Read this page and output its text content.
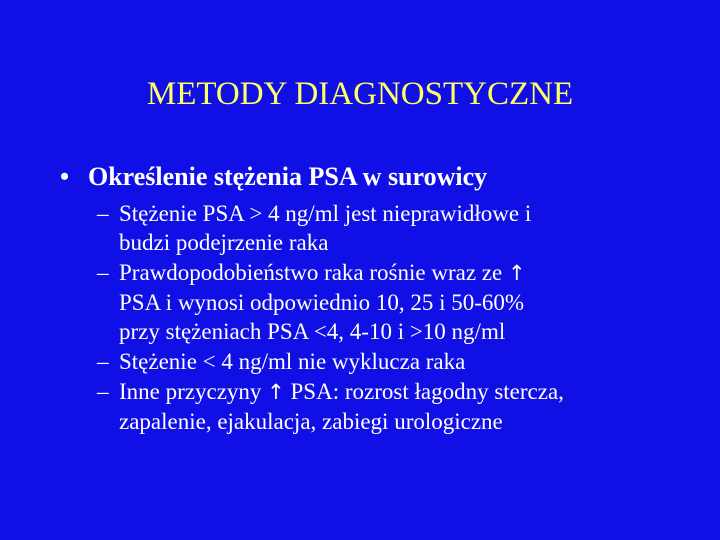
METODY DIAGNOSTYCZNE
• Określenie stężenia PSA w surowicy
– Stężenie PSA > 4 ng/ml jest nieprawidłowe i
budzi podejrzenie raka
– Prawdopodobieństwo raka rośnie wraz ze ↑
PSA i wynosi odpowiednio 10, 25 i 50-60%
przy stężeniach PSA <4, 4-10 i >10 ng/ml
– Stężenie < 4 ng/ml nie wyklucza raka
– Inne przyczyny ↑ PSA: rozrost łagodny stercza,
zapalenie, ejakulacja, zabiegi urologiczne
